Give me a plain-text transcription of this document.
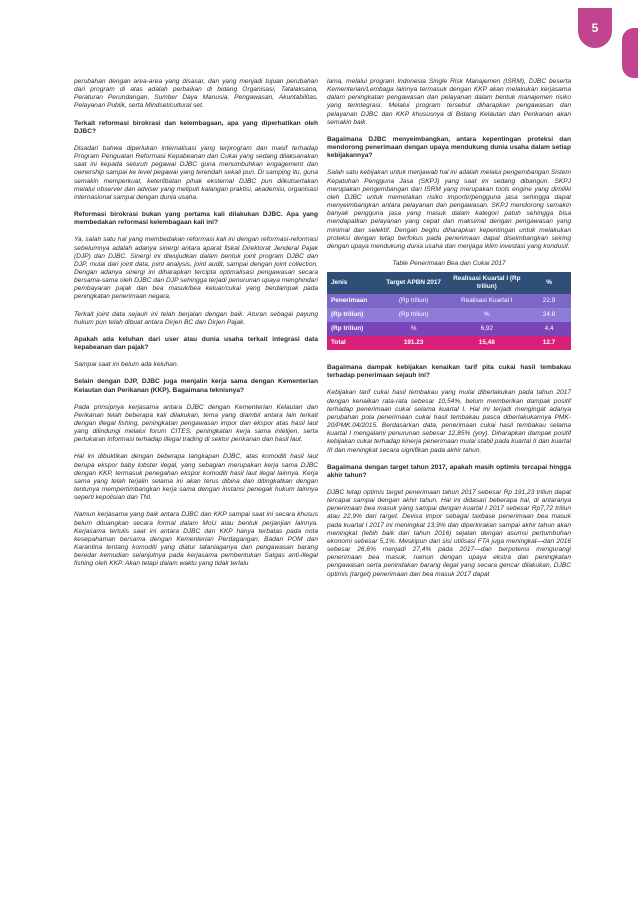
5

perubahan dengan area-area yang disasar, dan yang menjadi tujuan perubahan dari program di atas adalah perbaikan di bidang Organisasi, Tatalaksana, Peraturan Perundangan, Sumber Daya Manusia, Pengawasan, Akuntabilitas, Pelayanan Publik, serta Mindset/cultural set.

Terkait reformasi birokrasi dan kelembagaan, apa yang diperhatikan oleh DJBC?

Disadari bahwa diperlukan internalisasi yang terprogram dan masif terhadap Program Penguatan Reformasi Kepabeanan dan Cukai yang sedang dilaksanakan saat ini kepada seluruh pegawai DJBC guna menumbuhkan engagement dan ownership sampai ke level pegawai yang terendah sekali pun. Di samping itu, guna semakin memperkuat, keterlibatan pihak eksternal DJBC pun diikutsertakan melalui observer dan adviser yang meliputi kalangan praktisi, akademisi, organisasi internasional sampai dengan dunia usaha.

Reformasi birokrasi bukan yang pertama kali dilakukan DJBC. Apa yang membedakan reformasi kelembagaan kali ini?

Ya, salah satu hal yang membedakan reformasi kali ini dengan reformasi-reformasi sebelumnya adalah adanya sinergi antara aparat fiskal Direktorat Jenderal Pajak (DJP) dan DJBC. Sinergi ini diwujudkan dalam bentuk joint program DJBC dan DJP, mulai dari joint data, joint analysis, joint audit, sampai dengan joint collection. Dengan adanya sinergi ini diharapkan tercipta optimalisasi pengawasan secara bersama-sama oleh DJBC dan DJP sehingga terjadi penurunan upaya menghindari pembayaran pajak dan bea masuk/bea keluar/cukai yang berdampak pada peningkatan penerimaan negara.

Terkait joint data sejauh ini telah berjalan dengan baik. Aturan sebagai payung hukum pun telah dibuat antara Dirjen BC dan Dirjen Pajak.

Apakah ada keluhan dari user atau dunia usaha terkait integrasi data kepabeanan dan pajak?

Sampai saat ini belum ada keluhan.

Selain dengan DJP, DJBC juga menjalin kerja sama dengan Kementerian Kelautan dan Perikanan (KKP). Bagaimana teknisnya?

Pada prinsipnya kerjasama antara DJBC dengan Kementerian Kelautan dan Perikanan telah beberapa kali dilakukan, tema yang diambil antara lain terkait dengan illegal fishing, peningkatan pengawasan impor dan ekspor atas hasil laut yang dilindungi melalui forum CITES, peningkatan kerja sama intelijen, serta pertukaran informasi terhadap illegal trading di sektor perikanan dan hasil laut.

Hal ini dibuktikan dengan beberapa tangkapan DJBC, atas komoditi hasil laut berupa ekspor baby lobster ilegal, yang sebagian merupakan kerja sama DJBC dengan KKP, termasuk penegahan ekspor komoditi hasil laut ilegal lainnya. Kerja sama yang telah terjalin selama ini akan terus dibina dan ditingkatkan dengan tentunya mempertimbangkan kerja sama dengan instansi penegak hukum lainnya seperti kepolisian dan TNI.

Namun kerjasama yang baik antara DJBC dan KKP sampai saat ini secara khusus belum dituangkan secara formal dalam MoU atau bentuk perjanjian lainnya. Kerjasama tertulis saat ini antara DJBC dan KKP hanya terbatas pada nota kesepahaman bersama dengan Kementerian Perdagangan, Badan POM dan Karantina tentang komoditi yang diatur tataniaganya dan pengawasan barang beredar kemudian selanjutnya pada kerjasama pembentukan Satgas anti-illegal fishing oleh KKP. Akan tetapi dalam waktu yang tidak terlalu

lama, melalui program Indonesia Single Risk Manajemen (ISRM), DJBC beserta Kementerian/Lembaga lainnya termasuk dengan KKP akan melakukan kerjasama dalam peningkatan pengawasan dan pelayanan dalam bentuk manajemen risiko yang terintegrasi. Melalui program tersebut diharapkan pengawasan dan pelayanan DJBC dan KKP khususnya di Bidang Kelautan dan Perikanan akan semakin baik.

Bagaimana DJBC menyeimbangkan, antara kepentingan proteksi dan mendorong penerimaan dengan upaya mendukung dunia usaha dalam setiap kebijakannya?

Salah satu kebijakan untuk menjawab hal ini adalah melalui pengembangan Sistem Kepatuhan Pengguna Jasa (SKPJ) yang saat ini sedang dibangun. SKPJ merupakan pengembangan dari ISRM yang merupakan tools engine yang dimiliki oleh DJBC untuk memetakan risiko importir/pengguna jasa sehingga dapat menyeimbangkan antara pelayanan dan pengawasan. SKPJ mendorong semakin banyak pengguna jasa yang masuk dalam kategori patuh sehingga bisa mendapatkan pelayanan yang cepat dan maksimal dengan pengawasan yang minimal dan selektif. Dengan begitu diharapkan kepentingan untuk melakukan proteksi dengan tetap berfokus pada penerimaan dapat diseimbangkan seiring dengan upaya mendukung dunia usaha dan menjaga iklim investasi yang kondusif.

Table Penerimaan Bea dan Cukai 2017

Jenis	Target APBN 2017	Realisasi Kuartal I (Rp triliun)	%
Penerimaan	(Rp triliun)	Realisasi Kuartal I	22,9
(Rp triliun)	(Rp triliun)	%	24.8
(Rp triliun)	%	6,92	4,4
Total	191.23	15,48	12.7

Bagaimana dampak kebijakan kenaikan tarif pita cukai hasil tembakau terhadap penerimaan sejauh ini?

Kebijakan tarif cukai hasil tembakau yang mulai diberlakukan pada tahun 2017 dengan kenaikan rata-rata sebesar 10,54%, belum memberikan dampak positif terhadap penerimaan cukai selama kuartal I. Hal ini terjadi mengingat adanya perubahan pola penerimaan cukai hasil tembakau pasca diberlakukannya PMK-20/PMK.04/2015. Berdasarkan data, penerimaan cukai hasil tembakau selama kuartal I mengalami penurunan sebesar 12,85% (yoy). Diharapkan dampak positif kebijakan cukai terhadap kinerja penerimaan mulai stabil pada kuartal II dan kuartal III dan meningkat secara signifikan pada akhir tahun.

Bagaimana dengan target tahun 2017, apakah masih optimis tercapai hingga akhir tahun?

DJBC tetap optimis target penerimaan tahun 2017 sebesar Rp 191,23 triliun dapat tercapai sampai dengan akhir tahun. Hal ini didasari beberapa hal, di antaranya penerimaan bea masuk yang sampai dengan kuartal I 2017 sebesar Rp7,72 triliun atau 22,9% dari target. Devisa impor sebagai taxbase penerimaan bea masuk pada kuartal I 2017 ini meningkat 13,9% dan diperkirakan sampai akhir tahun akan meningkat (lebih baik dari tahun 2016) sejalan dengan asumsi pertumbuhan ekonomi sebesar 5,1%. Meskipun dari sisi utilisasi FTA juga meningkat—dari 2016 sebesar 26,6% menjadi 27,4% pada 2017—dan berpotensi mengurangi penerimaan bea masuk, namun dengan upaya ekstra dan peningkatan pengawasan serta penindakan barang ilegal yang secara gencar dilakukan, DJBC optimis (target) penerimaan dari bea masuk 2017 dapat
